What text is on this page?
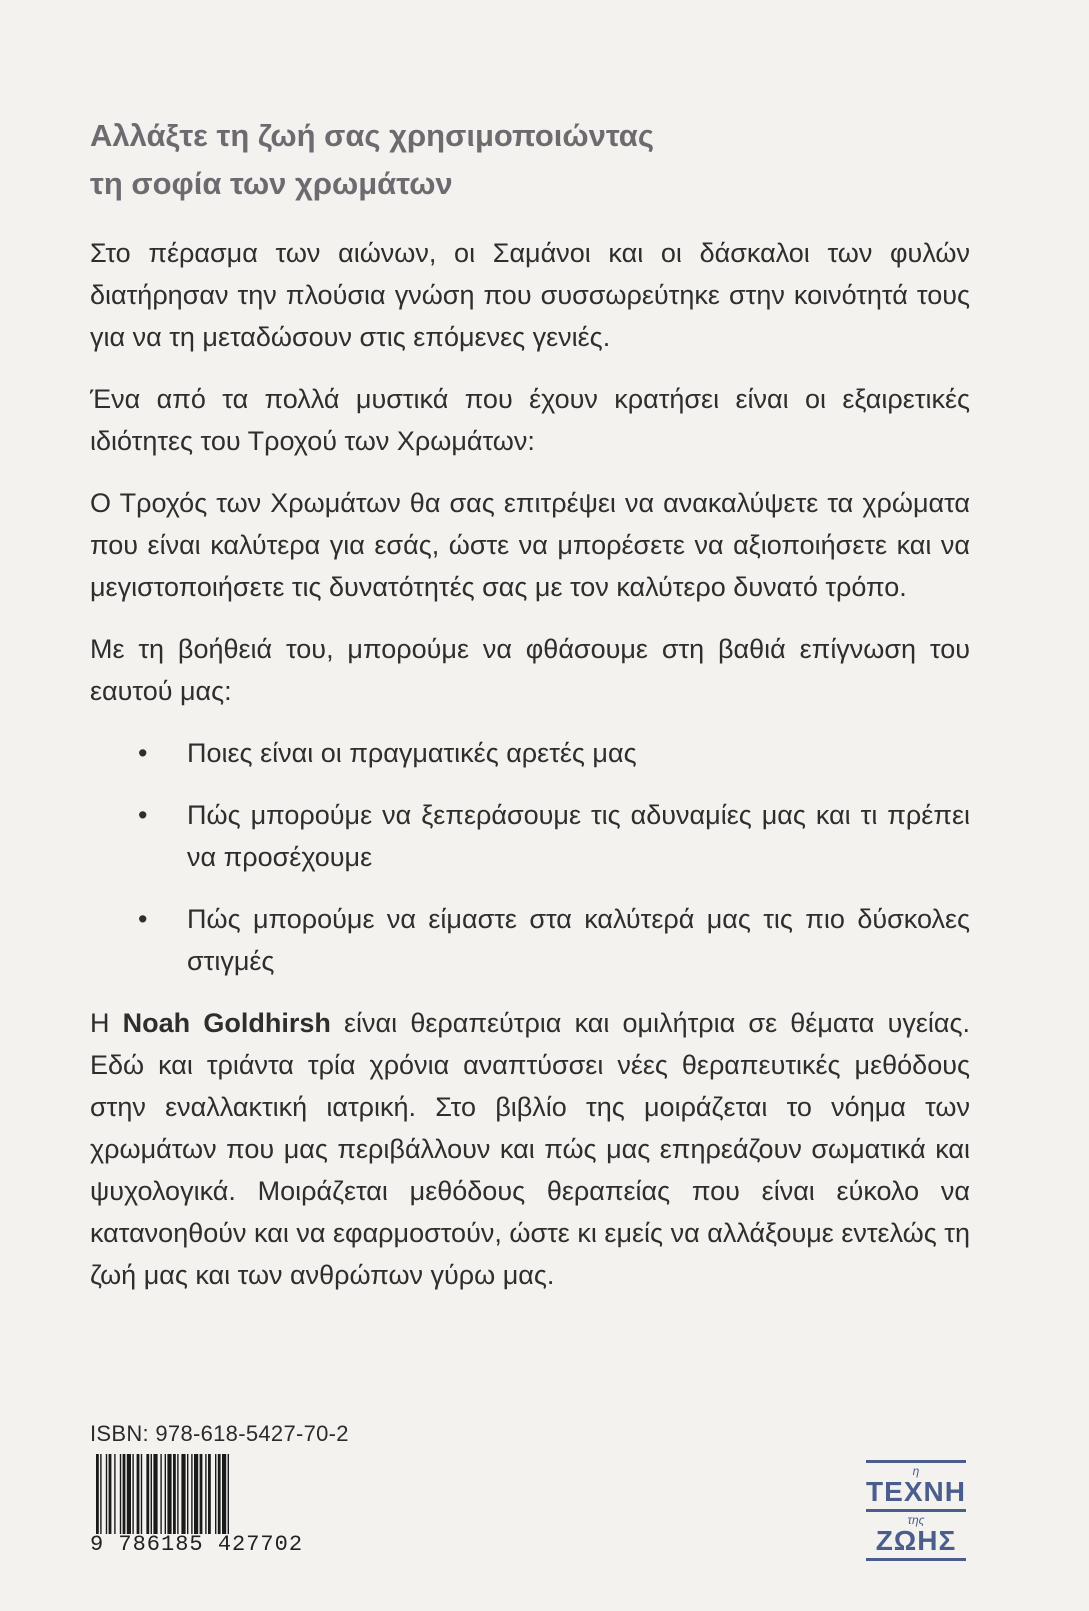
Αλλάξτε τη ζωή σας χρησιμοποιώντας
τη σοφία των χρωμάτων

Στο πέρασμα των αιώνων, οι Σαμάνοι και οι δάσκαλοι των φυλών διατήρησαν την πλούσια γνώση που συσσωρεύτηκε στην κοινότητά τους για να τη μεταδώσουν στις επόμενες γενιές.

Ένα από τα πολλά μυστικά που έχουν κρατήσει είναι οι εξαιρετικές ιδιότητες του Τροχού των Χρωμάτων:

Ο Τροχός των Χρωμάτων θα σας επιτρέψει να ανακαλύψετε τα χρώματα που είναι καλύτερα για εσάς, ώστε να μπορέσετε να αξιοποιήσετε και να μεγιστοποιήσετε τις δυνατότητές σας με τον καλύτερο δυνατό τρόπο.

Με τη βοήθειά του, μπορούμε να φθάσουμε στη βαθιά επίγνωση του εαυτού μας:

• Ποιες είναι οι πραγματικές αρετές μας
• Πώς μπορούμε να ξεπεράσουμε τις αδυναμίες μας και τι πρέπει να προσέχουμε
• Πώς μπορούμε να είμαστε στα καλύτερά μας τις πιο δύσκολες στιγμές

Η Noah Goldhirsh είναι θεραπεύτρια και ομιλήτρια σε θέματα υγείας. Εδώ και τριάντα τρία χρόνια αναπτύσσει νέες θεραπευτικές μεθόδους στην εναλλακτική ιατρική. Στο βιβλίο της μοιράζεται το νόημα των χρωμάτων που μας περιβάλλουν και πώς μας επηρεάζουν σωματικά και ψυχολογικά. Μοιράζεται μεθόδους θεραπείας που είναι εύκολο να κατανοηθούν και να εφαρμοστούν, ώστε κι εμείς να αλλάξουμε εντελώς τη ζωή μας και των ανθρώπων γύρω μας.

ISBN: 978-618-5427-70-2
9 786185 427702
η
ΤΕΧΝΗ
της
ΖΩΗΣ
